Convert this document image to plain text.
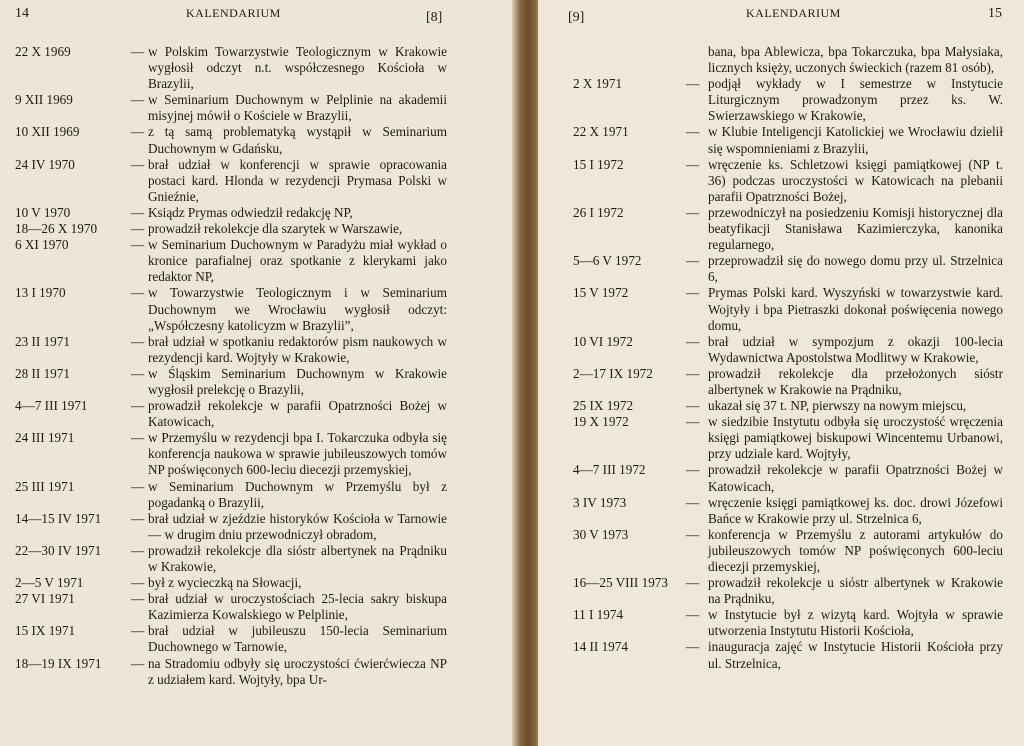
14	KALENDARIUM	[8]
22 X 1969	— w Polskim Towarzystwie Teologicznym w Krakowie wygłosił odczyt n.t. współczesnego Kościoła w Brazylii,
9 XII 1969	— w Seminarium Duchownym w Pelplinie na akademii misyjnej mówił o Kościele w Brazylii,
10 XII 1969	— z tą samą problematyką wystąpił w Seminarium Duchownym w Gdańsku,
24 IV 1970	— brał udział w konferencji w sprawie opracowania postaci kard. Hlonda w rezydencji Prymasa Polski w Gnieźnie,
10 V 1970	— Ksiądz Prymas odwiedził redakcję NP,
18—26 X 1970	— prowadził rekolekcje dla szarytek w Warszawie,
6 XI 1970	— w Seminarium Duchownym w Paradyżu miał wykład o kronice parafialnej oraz spotkanie z klerykami jako redaktor NP,
13 I 1970	— w Towarzystwie Teologicznym i w Seminarium Duchownym we Wrocławiu wygłosił odczyt: „Współczesny katolicyzm w Brazylii”,
23 II 1971	— brał udział w spotkaniu redaktorów pism naukowych w rezydencji kard. Wojtyły w Krakowie,
28 II 1971	— w Śląskim Seminarium Duchownym w Krakowie wygłosił prelekcję o Brazylii,
4—7 III 1971	— prowadził rekolekcje w parafii Opatrzności Bożej w Katowicach,
24 III 1971	— w Przemyślu w rezydencji bpa I. Tokarczuka odbyła się konferencja naukowa w sprawie jubileuszowych tomów NP poświęconych 600-leciu diecezji przemyskiej,
25 III 1971	— w Seminarium Duchownym w Przemyślu był z pogadanką o Brazylii,
14—15 IV 1971 — brał udział w zjeździe historyków Kościoła w Tarnowie — w drugim dniu przewodniczył obradom,
22—30 IV 1971 — prowadził rekolekcje dla sióstr albertynek na Prądniku w Krakowie,
2—5 V 1971	— był z wycieczką na Słowacji,
27 VI 1971	— brał udział w uroczystościach 25-lecia sakry biskupa Kazimierza Kowalskiego w Pelplinie,
15 IX 1971	— brał udział w jubileuszu 150-lecia Seminarium Duchownego w Tarnowie,
18—19 IX 1971 — na Stradomiu odbyły się uroczystości ćwierćwiecza NP z udziałem kard. Wojtyły, bpa Ur-
[9]	KALENDARIUM	15
bana, bpa Ablewicza, bpa Tokarczuka, bpa Małysiaka, licznych księży, uczonych świeckich (razem 81 osób),
2 X 1971	— podjął wykłady w I semestrze w Instytucie Liturgicznym prowadzonym przez ks. W. Swierzawskiego w Krakowie,
22 X 1971	— w Klubie Inteligencji Katolickiej we Wrocławiu dzielił się wspomnieniami z Brazylii,
15 I 1972	— wręczenie ks. Schletzowi księgi pamiątkowej (NP t. 36) podczas uroczystości w Katowicach na plebanii parafii Opatrzności Bożej,
26 I 1972	— przewodniczył na posiedzeniu Komisji historycznej dla beatyfikacji Stanisława Kazimierczyka, kanonika regularnego,
5—6 V 1972	— przeprowadził się do nowego domu przy ul. Strzelnica 6,
15 V 1972	— Prymas Polski kard. Wyszyński w towarzystwie kard. Wojtyły i bpa Pietraszki dokonał poświęcenia nowego domu,
10 VI 1972	— brał udział w sympozjum z okazji 100-lecia Wydawnictwa Apostolstwa Modlitwy w Krakowie,
2—17 IX 1972	— prowadził rekolekcje dla przełożonych sióstr albertynek w Krakowie na Prądniku,
25 IX 1972	— ukazał się 37 t. NP, pierwszy na nowym miejscu,
19 X 1972	— w siedzibie Instytutu odbyła się uroczystość wręczenia księgi pamiątkowej biskupowi Wincentemu Urbanowi, przy udziale kard. Wojtyły,
4—7 III 1972	— prowadził rekolekcje w parafii Opatrzności Bożej w Katowicach,
3 IV 1973	— wręczenie księgi pamiątkowej ks. doc. drowi Józefowi Bańce w Krakowie przy ul. Strzelnica 6,
30 V 1973	— konferencja w Przemyślu z autorami artykułów do jubileuszowych tomów NP poświęconych 600-leciu diecezji przemyskiej,
16—25 VIII 1973 — prowadził rekolekcje u sióstr albertynek w Krakowie na Prądniku,
11 I 1974	— w Instytucie był z wizytą kard. Wojtyła w sprawie utworzenia Instytutu Historii Kościoła,
14 II 1974	— inauguracja zajęć w Instytucie Historii Kościoła przy ul. Strzelnica,
